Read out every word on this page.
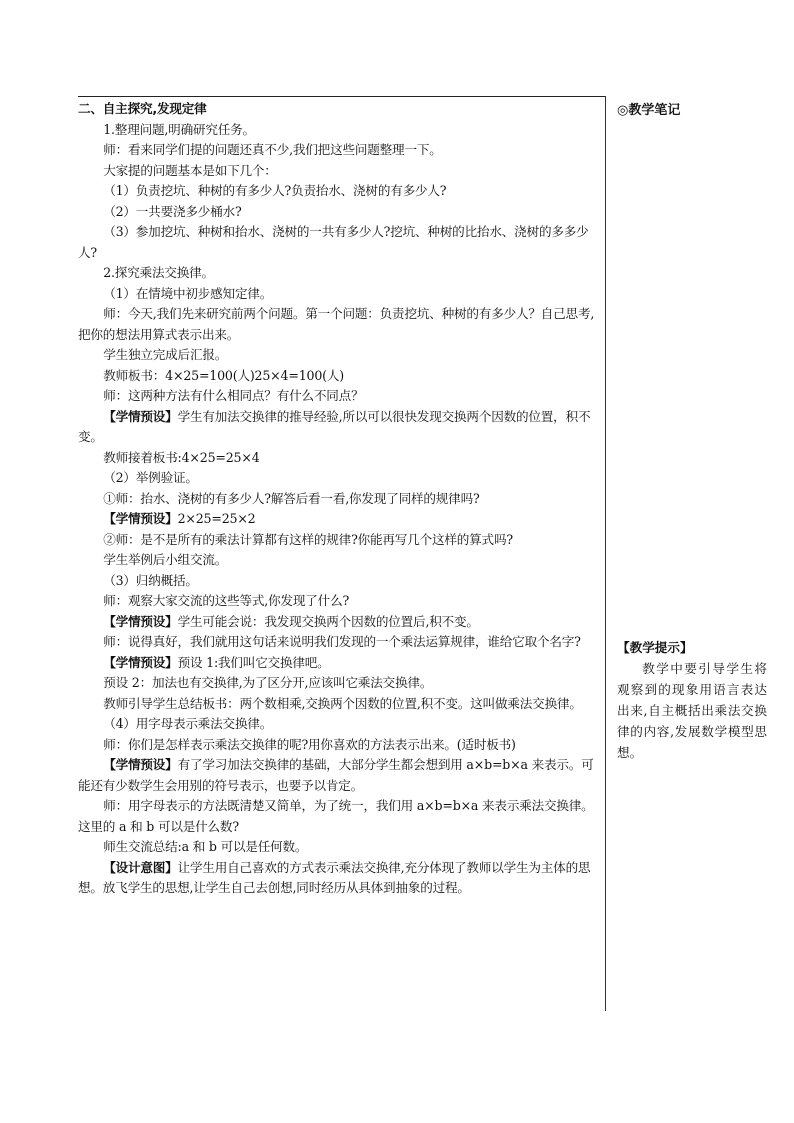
二、自主探究,发现定律

1.整理问题,明确研究任务。

师：看来同学们提的问题还真不少,我们把这些问题整理一下。

大家提的问题基本是如下几个：

（1）负责挖坑、种树的有多少人?负责抬水、浇树的有多少人?

（2）一共要浇多少桶水?

（3）参加挖坑、种树和抬水、浇树的一共有多少人?挖坑、种树的比抬水、浇树的多多少人?

2.探究乘法交换律。

（1）在情境中初步感知定律。

师：今天,我们先来研究前两个问题。第一个问题：负责挖坑、种树的有多少人？自己思考,把你的想法用算式表示出来。

学生独立完成后汇报。

教师板书：4×25=100(人)25×4=100(人)

师：这两种方法有什么相同点？有什么不同点？

【学情预设】学生有加法交换律的推导经验,所以可以很快发现交换两个因数的位置，积不变。

教师接着板书:4×25=25×4

（2）举例验证。

①师：抬水、浇树的有多少人?解答后看一看,你发现了同样的规律吗?

【学情预设】2×25=25×2

②师：是不是所有的乘法计算都有这样的规律?你能再写几个这样的算式吗?

学生举例后小组交流。

（3）归纳概括。

师：观察大家交流的这些等式,你发现了什么?

【学情预设】学生可能会说：我发现交换两个因数的位置后,积不变。

师：说得真好，我们就用这句话来说明我们发现的一个乘法运算规律，谁给它取个名字?

【学情预设】预设 1:我们叫它交换律吧。

预设 2：加法也有交换律,为了区分开,应该叫它乘法交换律。

教师引导学生总结板书：两个数相乘,交换两个因数的位置,积不变。这叫做乘法交换律。

（4）用字母表示乘法交换律。

师：你们是怎样表示乘法交换律的呢?用你喜欢的方法表示出来。(适时板书)

【学情预设】有了学习加法交换律的基础，大部分学生都会想到用 a×b=b×a 来表示。可能还有少数学生会用别的符号表示，也要予以肯定。

师：用字母表示的方法既清楚又简单，为了统一，我们用 a×b=b×a 来表示乘法交换律。这里的 a 和 b 可以是什么数?

师生交流总结:a 和 b 可以是任何数。

【设计意图】让学生用自己喜欢的方式表示乘法交换律,充分体现了教师以学生为主体的思想。放飞学生的思想,让学生自己去创想,同时经历从具体到抽象的过程。

◎教学笔记
【教学提示】

教学中要引导学生将观察到的现象用语言表达出来,自主概括出乘法交换律的内容,发展数学模型思想。
